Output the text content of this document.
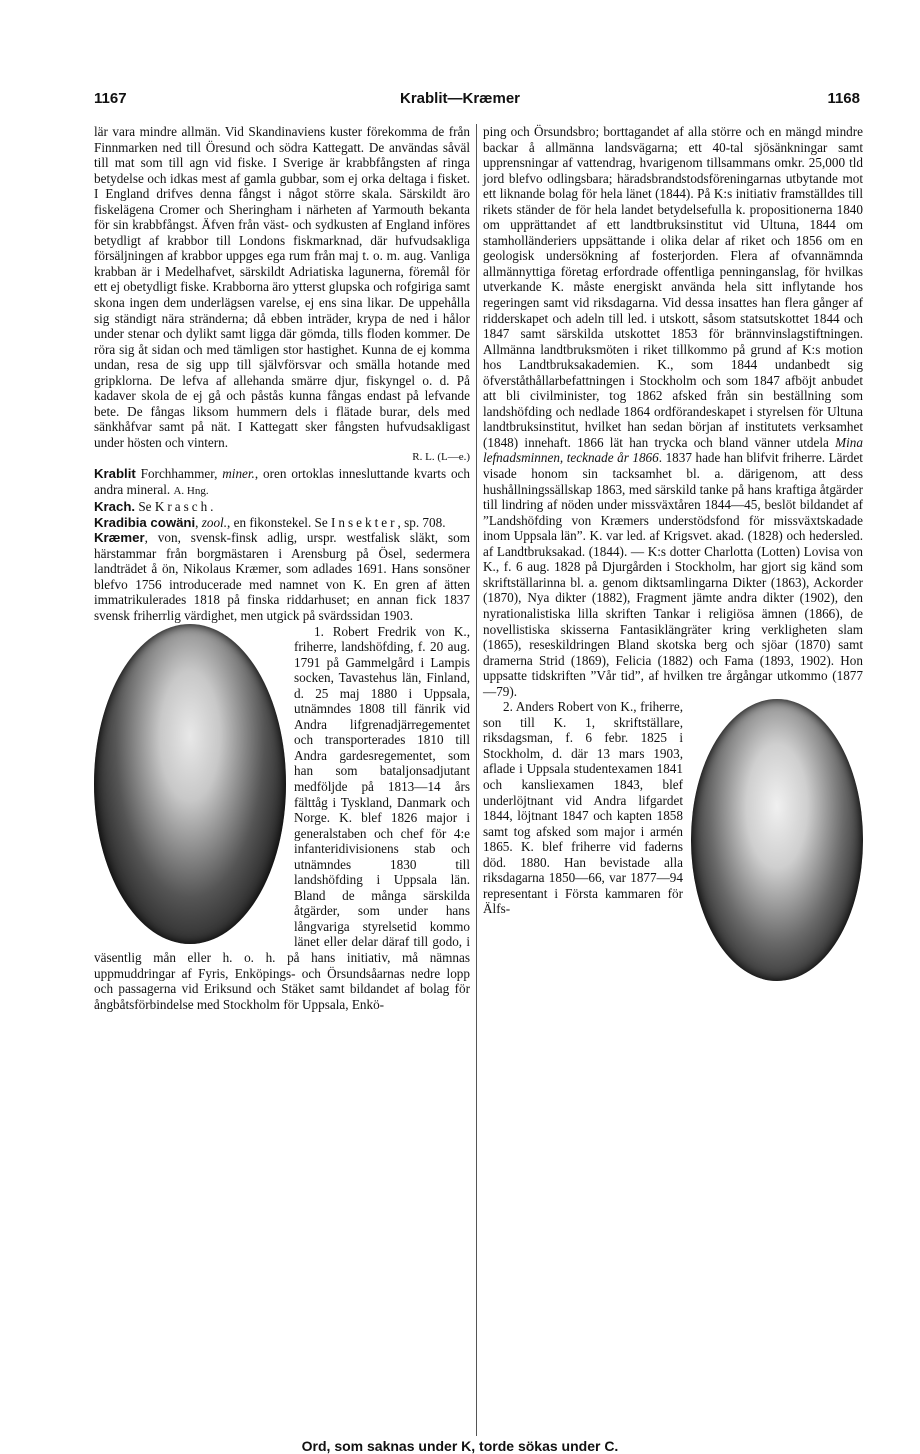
1167	Krablit—Kræmer	1168

lär vara mindre allmän. Vid Skandinaviens kuster förekomma de från Finnmarken ned till Öresund och södra Kattegatt. De användas såväl till mat som till agn vid fiske. I Sverige är krabbfångsten af ringa betydelse och idkas mest af gamla gubbar, som ej orka deltaga i fisket. I England drifves denna fångst i något större skala. Särskildt äro fiskelägena Cromer och Sheringham i närheten af Yarmouth bekanta för sin krabbfångst. Äfven från väst- och sydkusten af England införes betydligt af krabbor till Londons fiskmarknad, där hufvudsakliga försäljningen af krabbor uppges ega rum från maj t. o. m. aug. Vanliga krabban är i Medelhafvet, särskildt Adriatiska lagunerna, föremål för ett ej obetydligt fiske. Krabborna äro ytterst glupska och rofgiriga samt skona ingen dem underlägsen varelse, ej ens sina likar. De uppehålla sig ständigt nära stränderna; då ebben inträder, krypa de ned i hålor under stenar och dylikt samt ligga där gömda, tills floden kommer. De röra sig åt sidan och med tämligen stor hastighet. Kunna de ej komma undan, resa de sig upp till självförsvar och smälla hotande med gripklorna. De lefva af allehanda smärre djur, fiskyngel o. d. På kadaver skola de ej gå och påstås kunna fångas endast på lefvande bete. De fångas liksom hummern dels i flätade burar, dels med sänkhåfvar samt på nät. I Kattegatt sker fångsten hufvudsakligast under hösten och vintern.

R. L. (L—e.)

Krablit Forchhammer, miner., oren ortoklas innesluttande kvarts och andra mineral. A. Hng.

Krach. Se Krasch.

Kradibia cowäni, zool., en fikonstekel. Se Insekter, sp. 708.

Kræmer, von, svensk-finsk adlig, urspr. westfalisk släkt, som härstammar från borgmästaren i Arensburg på Ösel, sedermera landträdet å ön, Nikolaus Kræmer, som adlades 1691. Hans sonsöner blefvo 1756 introducerade med namnet von K. En gren af ätten immatrikulerades 1818 på finska riddarhuset; en annan fick 1837 svensk friherrlig värdighet, men utgick på svärdssidan 1903.

1. Robert Fredrik von K., friherre, landshöfding, f. 20 aug. 1791 på Gammelgård i Lampis socken, Tavastehus län, Finland, d. 25 maj 1880 i Uppsala, utnämndes 1808 till fänrik vid Andra lifgrenadjärregementet och transporterades 1810 till Andra gardesregementet, som han som bataljonsadjutant medföljde på 1813—14 års fälttåg i Tyskland, Danmark och Norge. K. blef 1826 major i generalstaben och chef för 4:e infanteridivisionens stab och utnämndes 1830 till landshöfding i Uppsala län. Bland de många särskilda åtgärder, som under hans långvariga styrelsetid kommo länet eller delar däraf till godo, i väsentlig mån eller h. o. h. på hans initiativ, må nämnas uppmuddringar af Fyris, Enköpings- och Örsundsåarnas nedre lopp och passagerna vid Eriksund och Stäket samt bildandet af bolag för ångbåtsförbindelse med Stockholm för Uppsala, Enkö-

ping och Örsundsbro; borttagandet af alla större och en mängd mindre backar å allmänna landsvägarna; ett 40-tal sjösänkningar samt upprensningar af vattendrag, hvarigenom tillsammans omkr. 25,000 tld jord blefvo odlingsbara; häradsbrandstodsföreningarnas utbytande mot ett liknande bolag för hela länet (1844). På K:s initiativ framställdes till rikets ständer de för hela landet betydelsefulla k. propositionerna 1840 om upprättandet af ett landtbruksinstitut vid Ultuna, 1844 om stamholländeriers uppsättande i olika delar af riket och 1856 om en geologisk undersökning af fosterjorden. Flera af ofvannämnda allmännyttiga företag erfordrade offentliga penninganslag, för hvilkas utverkande K. måste energiskt använda hela sitt inflytande hos regeringen samt vid riksdagarna. Vid dessa insattes han flera gånger af ridderskapet och adeln till led. i utskott, såsom statsutskottet 1844 och 1847 samt särskilda utskottet 1853 för brännvinslagstiftningen. Allmänna landtbruksmöten i riket tillkommo på grund af K:s motion hos Landtbruksakademien. K., som 1844 undanbedt sig öfverståthållarbefattningen i Stockholm och som 1847 afböjt anbudet att bli civilminister, tog 1862 afsked från sin beställning som landshöfding och nedlade 1864 ordförandeskapet i styrelsen för Ultuna landtbruksinstitut, hvilket han sedan början af institutets verksamhet (1848) innehaft. 1866 lät han trycka och bland vänner utdela Mina lefnadsminnen, tecknade år 1866. 1837 hade han blifvit friherre. Lärdet visade honom sin tacksamhet bl. a. därigenom, att dess hushållningssällskap 1863, med särskild tanke på hans kraftiga åtgärder till lindring af nöden under missväxtåren 1844—45, beslöt bildandet af ”Landshöfding von Kræmers understödsfond för missväxtskadade inom Uppsala län”. K. var led. af Krigsvet. akad. (1828) och hedersled. af Landtbruksakad. (1844). — K:s dotter Charlotta (Lotten) Lovisa von K., f. 6 aug. 1828 på Djurgården i Stockholm, har gjort sig känd som skriftställarinna bl. a. genom diktsamlingarna Dikter (1863), Ackorder (1870), Nya dikter (1882), Fragment jämte andra dikter (1902), den nyrationalistiska lilla skriften Tankar i religiösa ämnen (1866), de novellistiska skisserna Fantasiklängräter kring verkligheten slam (1865), reseskildringen Bland skotska berg och sjöar (1870) samt dramerna Strid (1869), Felicia (1882) och Fama (1893, 1902). Hon uppsatte tidskriften ”Vår tid”, af hvilken tre årgångar utkommo (1877—79).

2. Anders Robert von K., friherre, son till K. 1, skriftställare, riksdagsman, f. 6 febr. 1825 i Stockholm, d. där 13 mars 1903, aflade i Uppsala studentexamen 1841 och kansliexamen 1843, blef underlöjtnant vid Andra lifgardet 1844, löjtnant 1847 och kapten 1858 samt tog afsked som major i armén 1865. K. blef friherre vid faderns död. 1880. Han bevistade alla riksdagarna 1850—66, var 1877—94 representant i Första kammaren för Älfs-

Ord, som saknas under K, torde sökas under C.
